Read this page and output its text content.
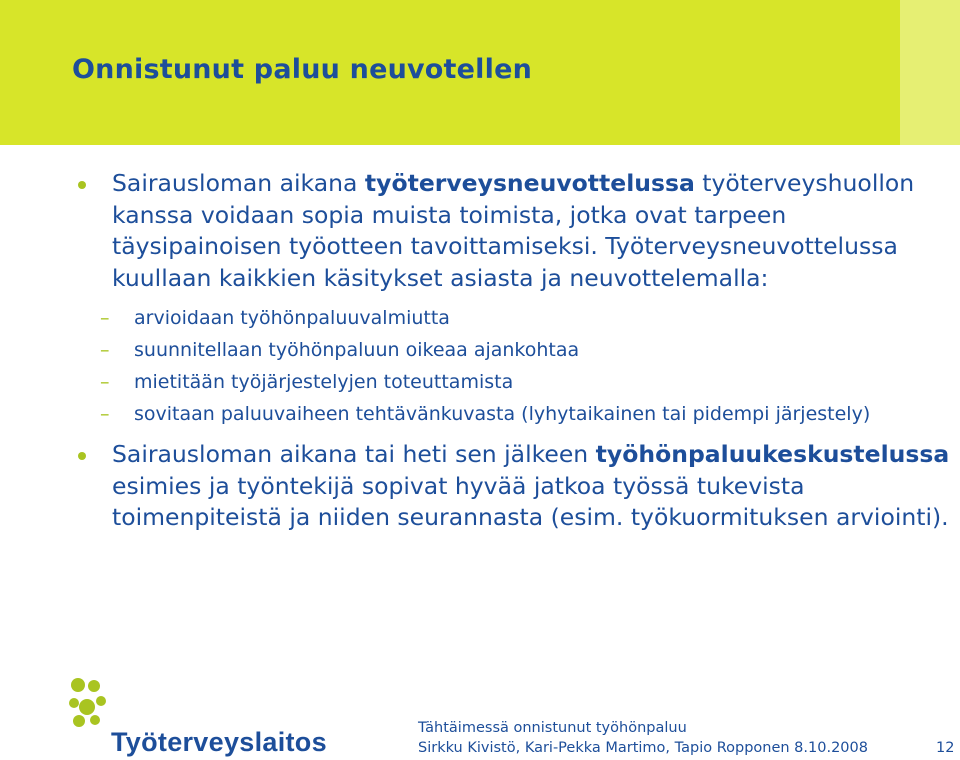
Onnistunut paluu neuvotellen
Sairausloman aikana työterveysneuvottelussa työterveyshuollon kanssa voidaan sopia muista toimista, jotka ovat tarpeen täysipainoisen työotteen tavoittamiseksi. Työterveysneuvottelussa kuullaan kaikkien käsitykset asiasta ja neuvottelemalla:
– arvioidaan työhönpaluuvalmiutta
– suunnitellaan työhönpaluun oikeaa ajankohtaa
– mietitään työjärjestelyjen toteuttamista
– sovitaan paluuvaiheen tehtävänkuvasta (lyhytaikainen tai pidempi järjestely)
Sairausloman aikana tai heti sen jälkeen työhönpaluukeskustelussa esimies ja työntekijä sopivat hyvää jatkoa työssä tukevista toimenpiteistä ja niiden seurannasta (esim. työkuormituksen arviointi).
Työterveyslaitos	Tähtäimessä onnistunut työhönpaluu
Sirkku Kivistö, Kari-Pekka Martimo, Tapio Ropponen 8.10.2008	12
